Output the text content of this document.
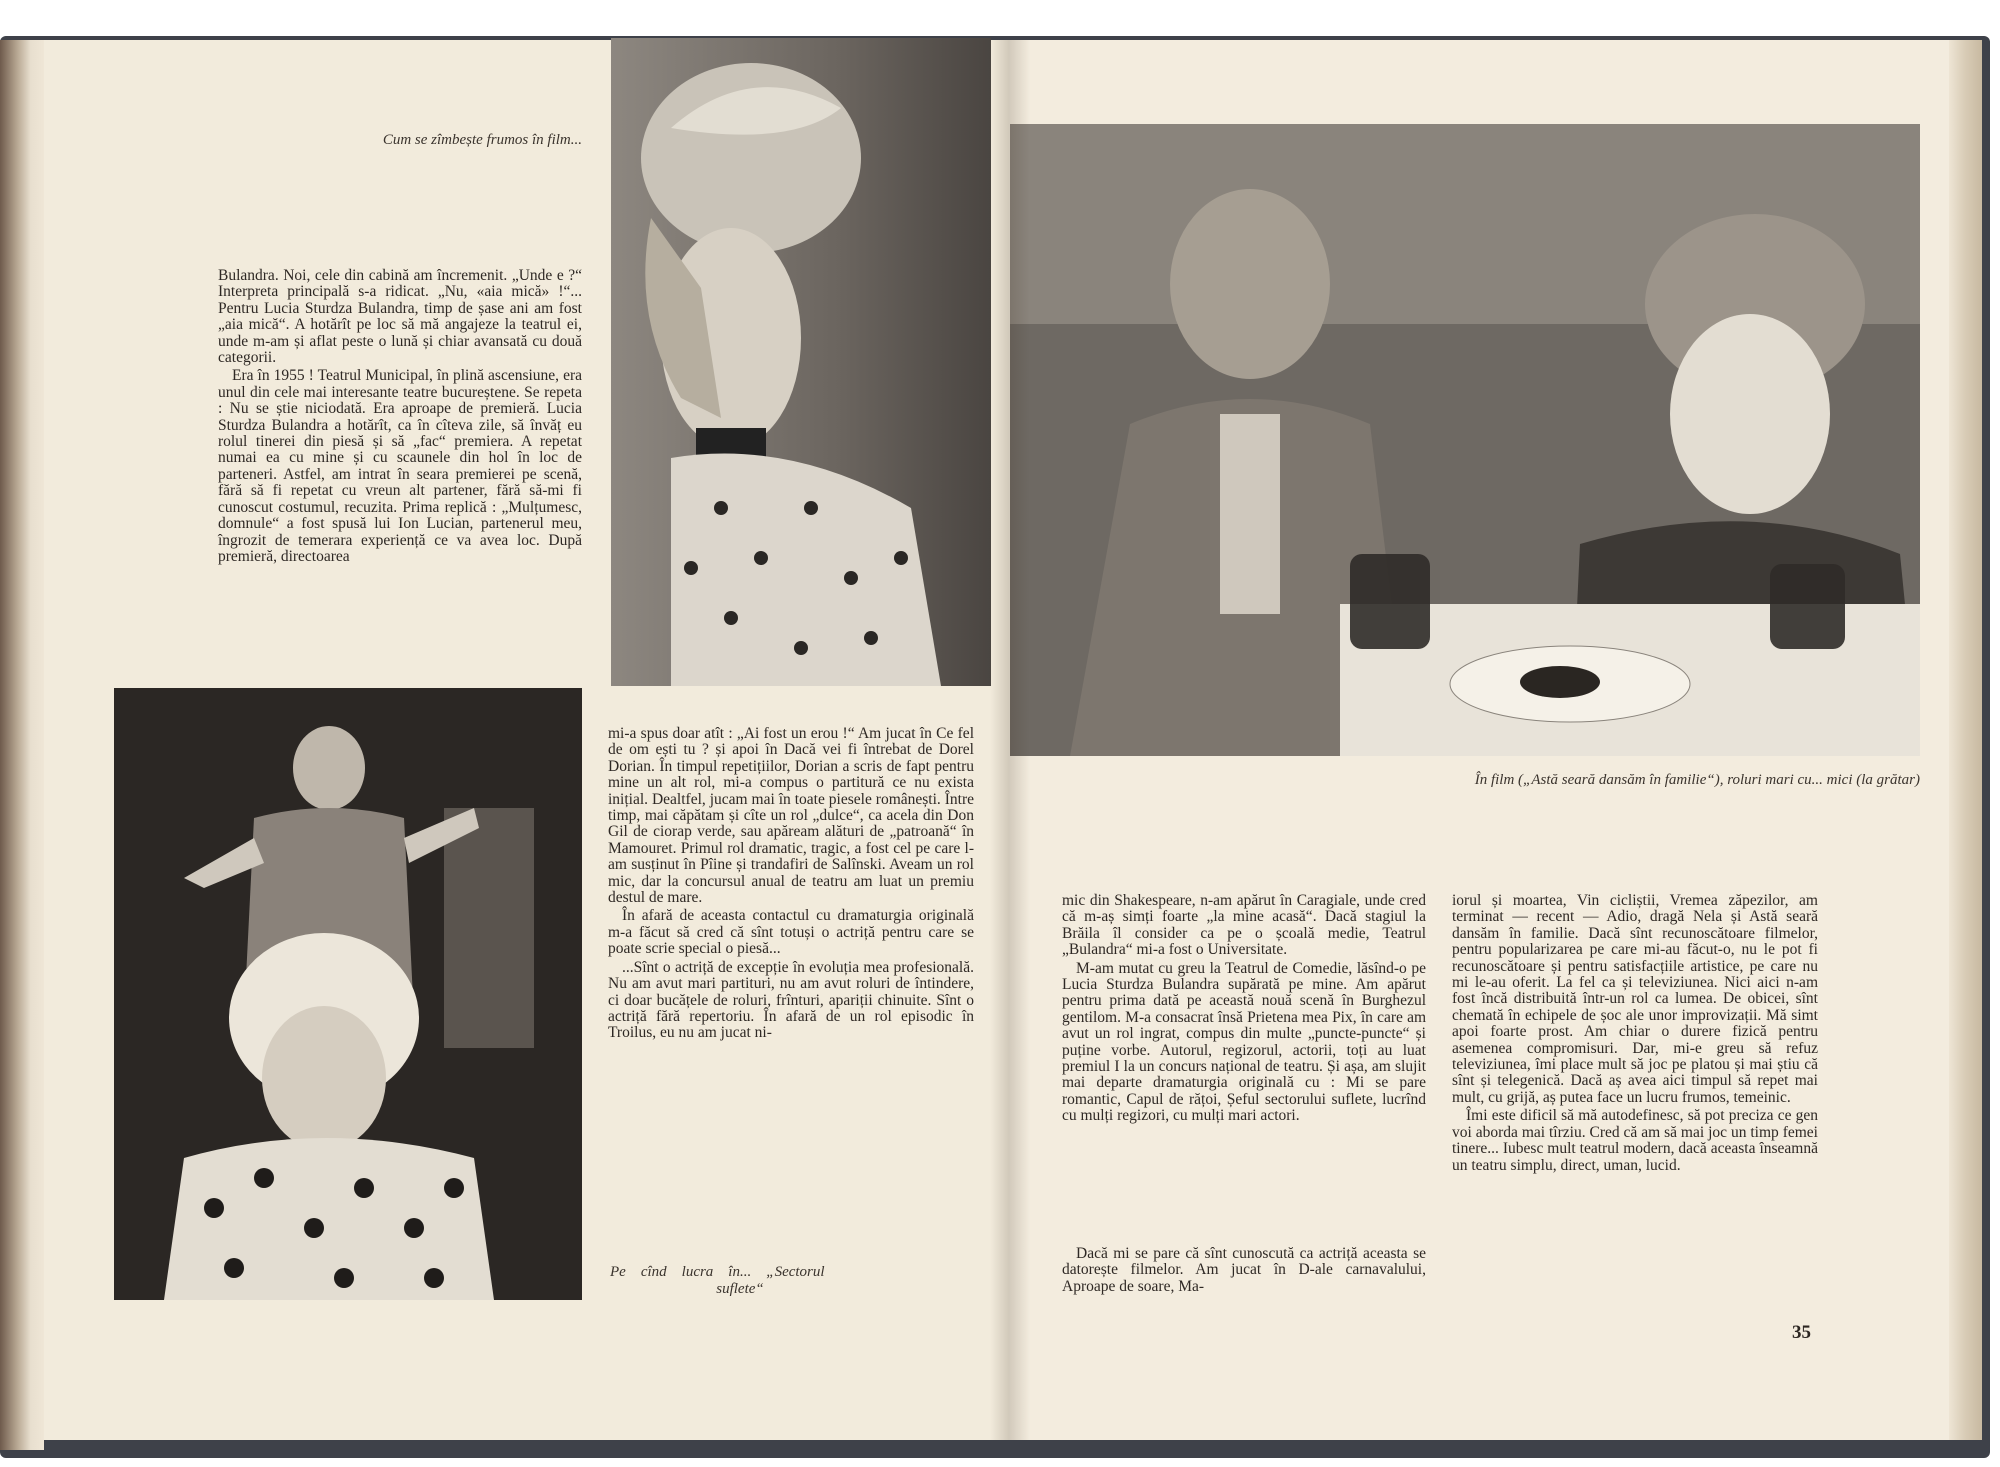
Cum se zîmbește frumos în film...

Bulandra. Noi, cele din cabină am încremenit. „Unde e ?“ Interpreta principală s-a ridicat. „Nu, «aia mică» !“... Pentru Lucia Sturdza Bulandra, timp de șase ani am fost „aia mică“. A hotărît pe loc să mă angajeze la teatrul ei, unde m-am și aflat peste o lună și chiar avansată cu două categorii.

Era în 1955 ! Teatrul Municipal, în plină ascensiune, era unul din cele mai interesante teatre bucureștene. Se repeta : Nu se știe niciodată. Era aproape de premieră. Lucia Sturdza Bulandra a hotărît, ca în cîteva zile, să învăț eu rolul tinerei din piesă și să „fac“ premiera. A repetat numai ea cu mine și cu scaunele din hol în loc de parteneri. Astfel, am intrat în seara premierei pe scenă, fără să fi repetat cu vreun alt partener, fără să-mi fi cunoscut costumul, recuzita. Prima replică : „Mulțumesc, domnule“ a fost spusă lui Ion Lucian, partenerul meu, îngrozit de temerara experiență ce va avea loc. După premieră, directoarea

mi-a spus doar atît : „Ai fost un erou !“ Am jucat în Ce fel de om ești tu ? și apoi în Dacă vei fi întrebat de Dorel Dorian. În timpul repetițiilor, Dorian a scris de fapt pentru mine un alt rol, mi-a compus o partitură ce nu exista inițial. Dealtfel, jucam mai în toate piesele românești. Între timp, mai căpătam și cîte un rol „dulce“, ca acela din Don Gil de ciorap verde, sau apăream alături de „patroană“ în Mamouret. Primul rol dramatic, tragic, a fost cel pe care l-am susținut în Pîine și trandafiri de Salînski. Aveam un rol mic, dar la concursul anual de teatru am luat un premiu destul de mare.

În afară de aceasta contactul cu dramaturgia originală m-a făcut să cred că sînt totuși o actriță pentru care se poate scrie special o piesă...

...Sînt o actriță de excepție în evoluția mea profesională. Nu am avut mari partituri, nu am avut roluri de întindere, ci doar bucățele de roluri, frînturi, apariții chinuite. Sînt o actriță fără repertoriu. În afară de un rol episodic în Troilus, eu nu am jucat ni-

Pe    cînd    lucra    în...    „Sectorul
suflete“
În film („Astă seară dansăm în familie“), roluri mari cu... mici (la grătar)

mic din Shakespeare, n-am apărut în Caragiale, unde cred că m-aș simți foarte „la mine acasă“. Dacă stagiul la Brăila îl consider ca pe o școală medie, Teatrul „Bulandra“ mi-a fost o Universitate.

M-am mutat cu greu la Teatrul de Comedie, lăsînd-o pe Lucia Sturdza Bulandra supărată pe mine. Am apărut pentru prima dată pe această nouă scenă în Burghezul gentilom. M-a consacrat însă Prietena mea Pix, în care am avut un rol ingrat, compus din multe „puncte-puncte“ și puține vorbe. Autorul, regizorul, actorii, toți au luat premiul I la un concurs național de teatru. Și așa, am slujit mai departe dramaturgia originală cu : Mi se pare romantic, Capul de rățoi, Șeful sectorului suflete, lucrînd cu mulți regizori, cu mulți mari actori.

Dacă mi se pare că sînt cunoscută ca actriță aceasta se datorește filmelor. Am jucat în D-ale carnavalului, Aproape de soare, Ma-

iorul și moartea, Vin cicliștii, Vremea zăpezilor, am terminat — recent — Adio, dragă Nela și Astă seară dansăm în familie. Dacă sînt recunoscătoare filmelor, pentru popularizarea pe care mi-au făcut-o, nu le pot fi recunoscătoare și pentru satisfacțiile artistice, pe care nu mi le-au oferit. La fel ca și televiziunea. Nici aici n-am fost încă distribuită într-un rol ca lumea. De obicei, sînt chemată în echipele de șoc ale unor improvizații. Mă simt apoi foarte prost. Am chiar o durere fizică pentru asemenea compromisuri. Dar, mi-e greu să refuz televiziunea, îmi place mult să joc pe platou și mai știu că sînt și telegenică. Dacă aș avea aici timpul să repet mai mult, cu grijă, aș putea face un lucru frumos, temeinic.

Îmi este dificil să mă autodefinesc, să pot preciza ce gen voi aborda mai tîrziu. Cred că am să mai joc un timp femei tinere... Iubesc mult teatrul modern, dacă aceasta înseamnă un teatru simplu, direct, uman, lucid.

35
